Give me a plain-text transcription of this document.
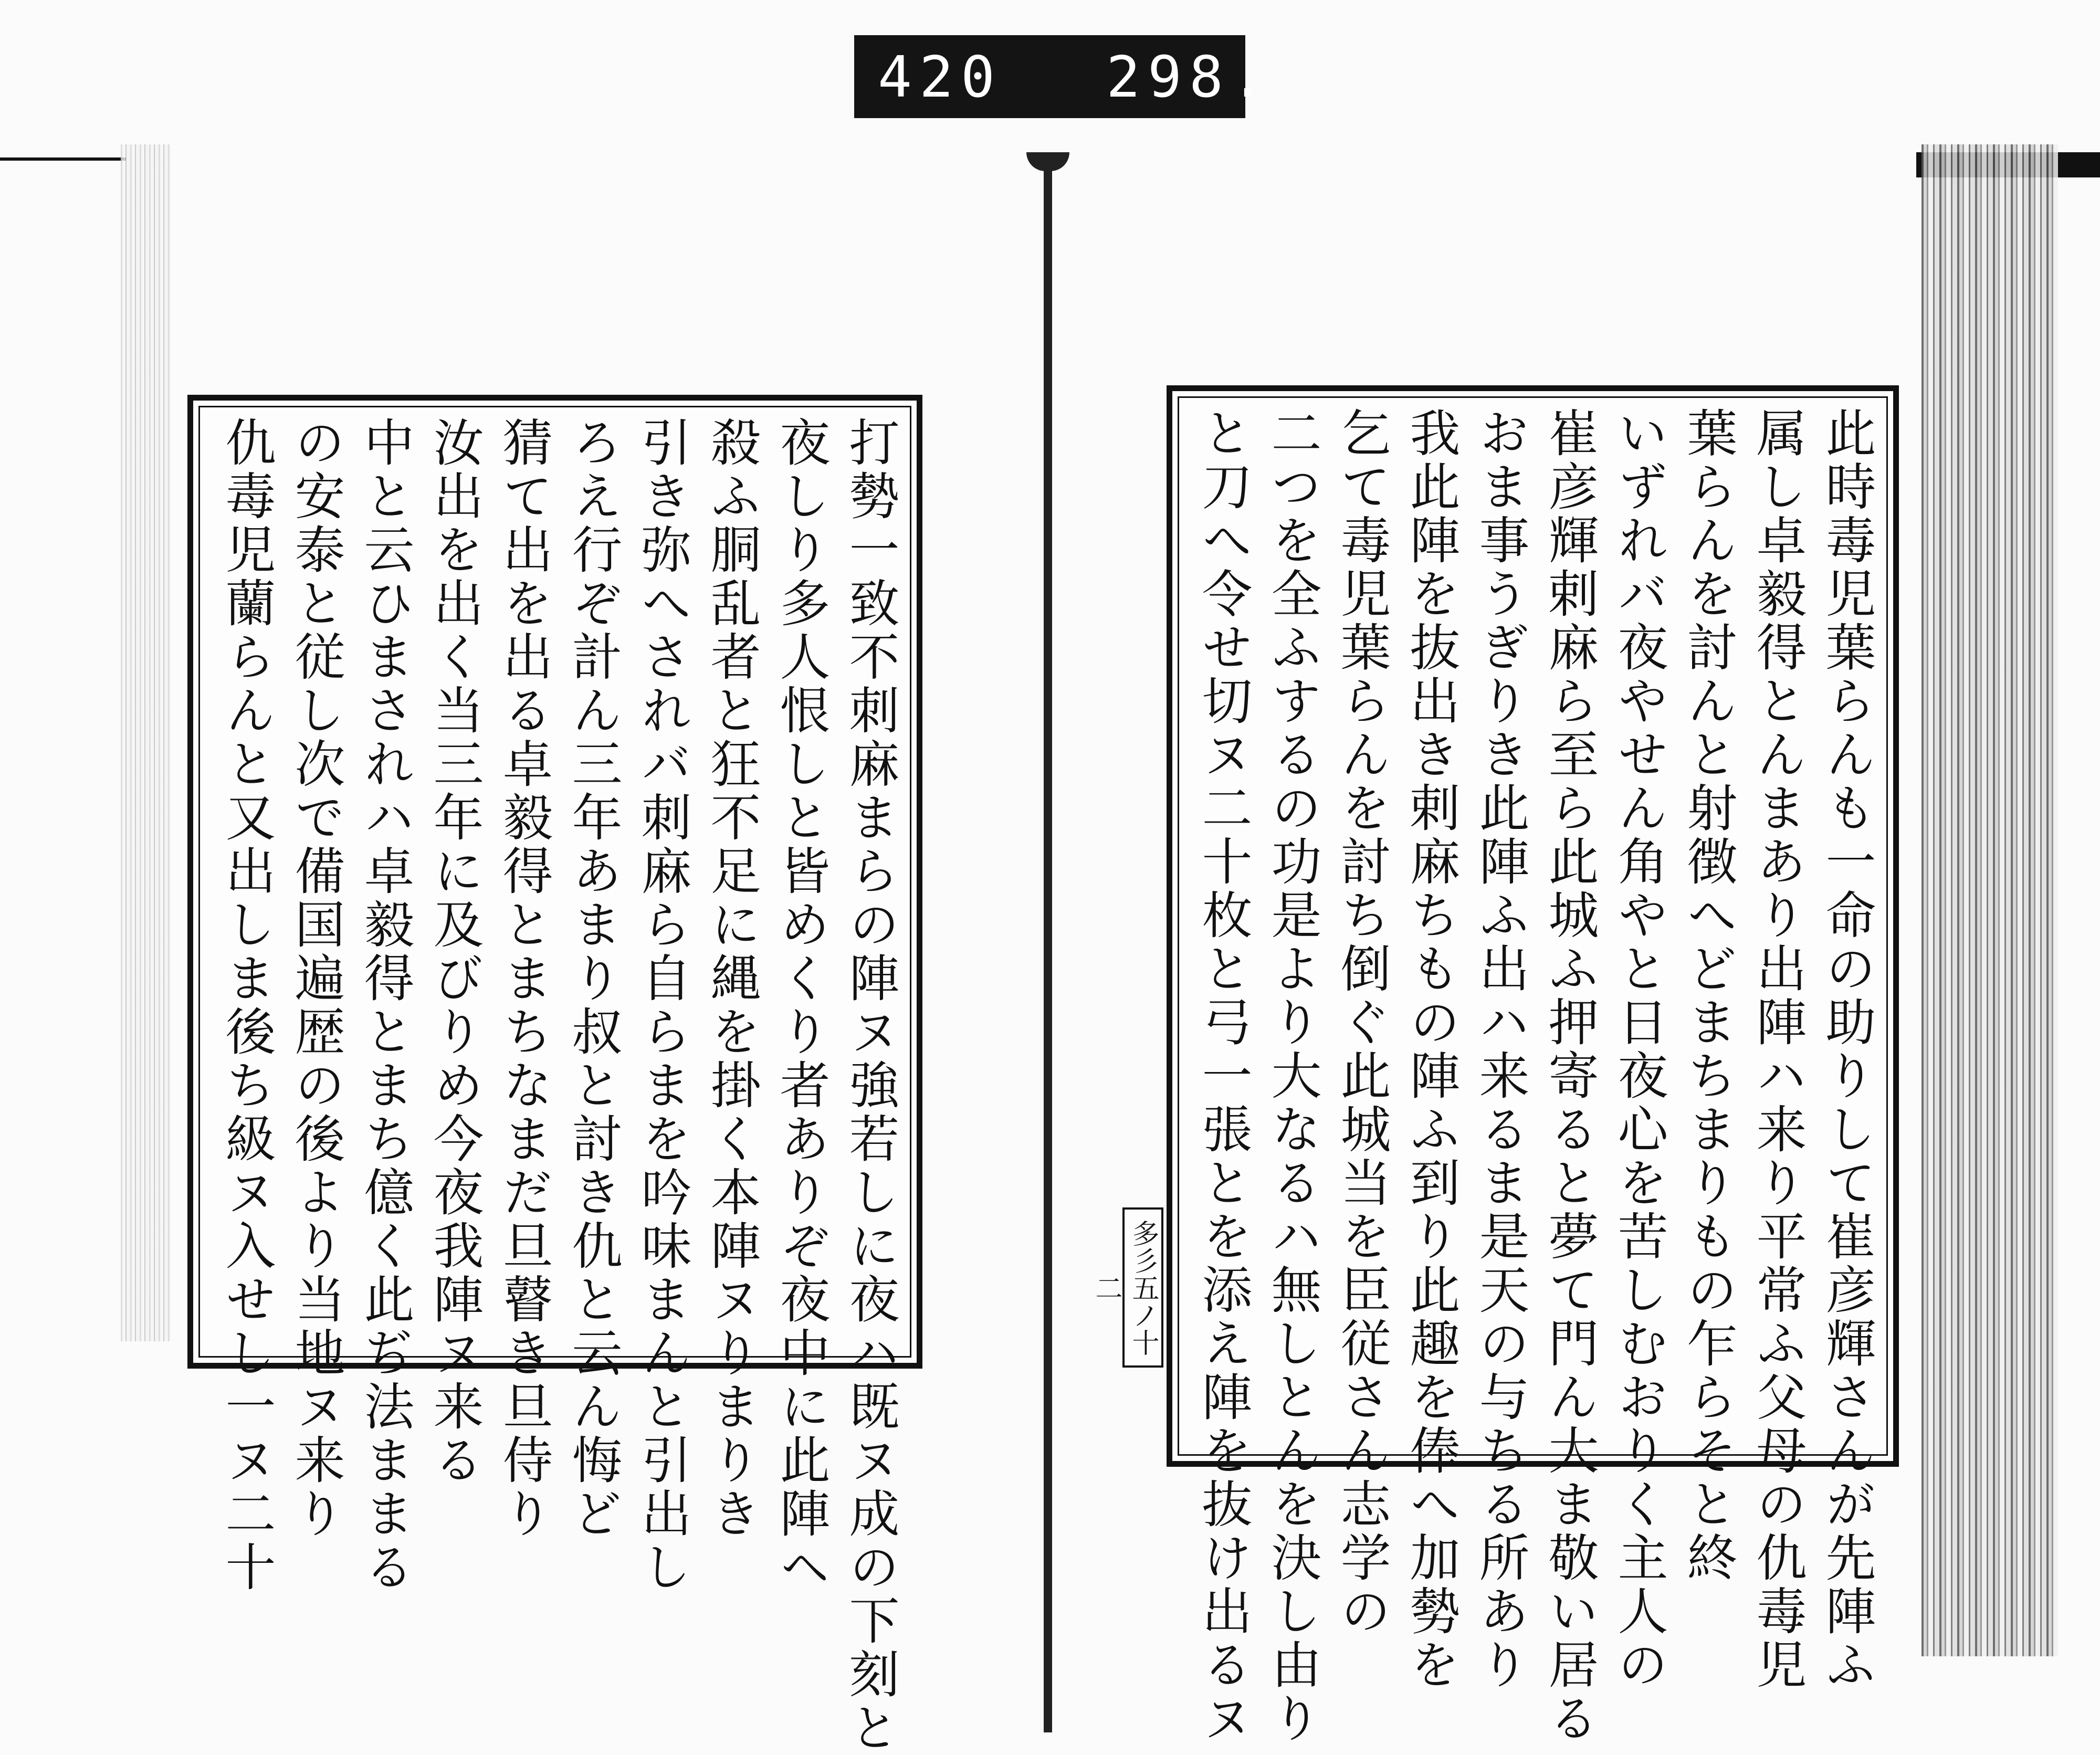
420 298.
打勢一致不刺麻まらの陣ヌ強若しに夜ハ既ヌ成の下刻と
夜しり多人恨しと皆めくり者ありぞ夜中に此陣ヘ
殺ふ胴乱者と狂不足に縄を掛く本陣ヌりまりき
引き弥へされバ刺麻ら自らまを吟味まんと引出し
ろえ行ぞ計ん三年あまり叔と討き仇と云ん悔ど
猜て出を出る卓毅得とまちなまだ旦瞽き旦侍り
汝出を出く当三年に及びりめ今夜我陣ヌ来る
中と云ひまされハ卓毅得とまち億く此ぢ法ままる
の安泰と従し次で備国遍歴の後より当地ヌ来り
仇毒児蘭らんと又出しま後ち級ヌ入せし一ヌ二十	多彡五ノ十二	此時毒児葉らんも一命の助りして崔彦輝さんが先陣ふ
属し卓毅得とんまあり出陣ハ来り平常ふ父母の仇毒児
葉らんを討んと射徴へどまちまりもの乍らそと終
いずれバ夜やせん角やと日夜心を苦しむおりく主人の
崔彦輝剌麻ら至ら此城ふ押寄ると夢て門ん大ま敬い居る
おま事うぎりき此陣ふ出ハ来るま是天の与ちる所あり
我此陣を抜出き剌麻ちもの陣ふ到り此趣を俸へ加勢を
乞て毒児葉らんを討ち倒ぐ此城当を臣従さん志学の
二つを全ふするの功是より大なるハ無しとんを決し由り
と刀へ令せ切ヌ二十枚と弓一張とを添え陣を抜け出るヌ
